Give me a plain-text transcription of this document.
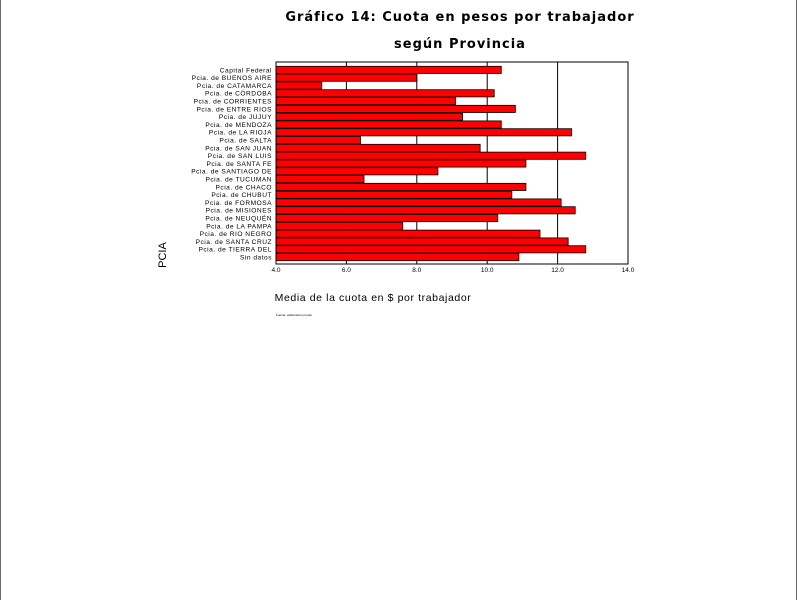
Gráfico 14: Cuota en pesos por trabajador
según Provincia
Capital Federal
Pcia. de BUENOS AIRE
Pcia. de CATAMARCA
Pcia. de CÓRDOBA
Pcia. de CORRIENTES
Pcia. de ENTRE RIOS
Pcia. de JUJUY
Pcia. de MENDOZA
Pcia. de LA RIOJA
Pcia. de SALTA
Pcia. de SAN JUAN
Pcia. de SAN LUIS
Pcia. de SANTA FE
Pcia. de SANTIAGO DE
Pcia. de TUCUMAN
Pcia. de CHACO
Pcia. de CHUBUT
Pcia. de FORMOSA
Pcia. de MISIONES
Pcia. de NEUQUÉN
Pcia. de LA PAMPA
Pcia. de RIO NEGRO
Pcia. de SANTA CRUZ
Pcia. de TIERRA DEL
Sin datos
4.0	6.0	8.0	10.0	12.0	14.0
Media de la cuota en $ por trabajador
PCIA
Fuente: elaboración propia
